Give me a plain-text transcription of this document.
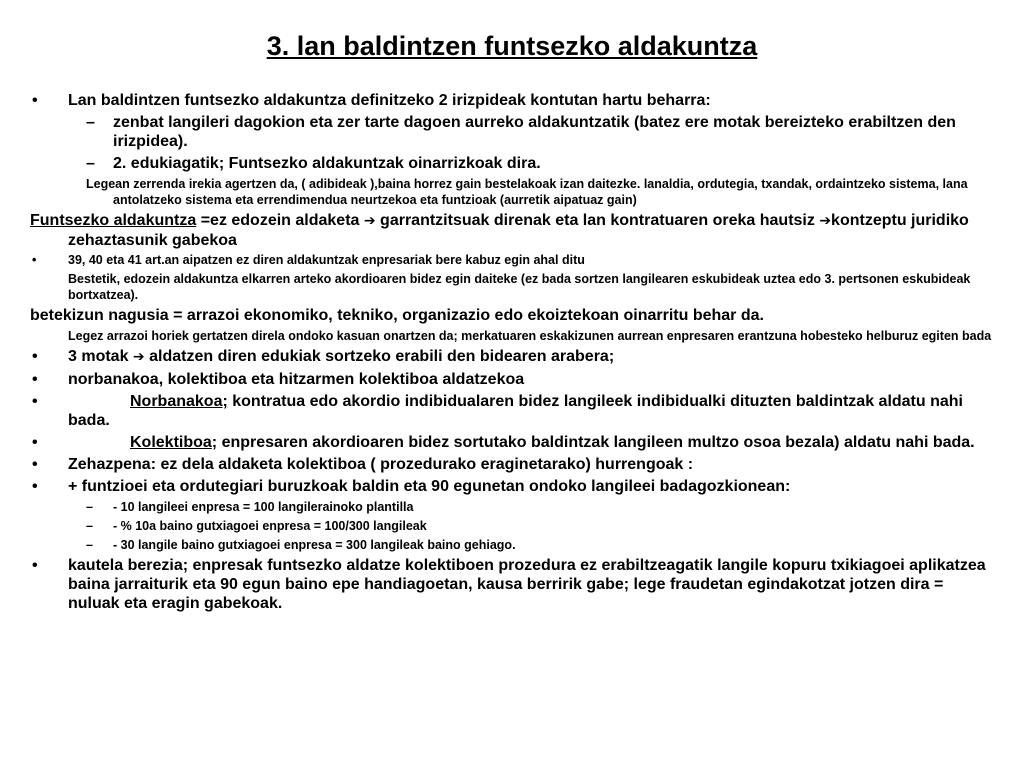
3. lan baldintzen funtsezko aldakuntza
• Lan baldintzen funtsezko aldakuntza definitzeko 2 irizpideak kontutan hartu beharra:
– zenbat langileri dagokion eta zer tarte dagoen aurreko aldakuntzatik (batez ere motak bereizteko erabiltzen den irizpidea).
– 2. edukiagatik; Funtsezko aldakuntzak oinarrizkoak dira.
Legean zerrenda irekia agertzen da, ( adibideak ),baina horrez gain bestelakoak izan daitezke. lanaldia, ordutegia, txandak, ordaintzeko sistema, lana antolatzeko sistema eta errendimendua neurtzekoa eta funtzioak (aurretik aipatuaz gain)
Funtsezko aldakuntza =ez edozein aldaketa ➔ garrantzitsuak direnak eta lan kontratuaren oreka hautsiz ➔kontzeptu juridiko zehaztasunik gabekoa
•	39, 40 eta 41 art.an aipatzen ez diren aldakuntzak enpresariak bere kabuz egin ahal ditu
Bestetik, edozein aldakuntza elkarren arteko akordioaren bidez egin daiteke (ez bada sortzen langilearen eskubideak uztea edo 3. pertsonen eskubideak bortxatzea).
betekizun nagusia = arrazoi ekonomiko, tekniko, organizazio edo ekoiztekoan oinarritu behar da.
Legez arrazoi horiek gertatzen direla ondoko kasuan onartzen da; merkatuaren eskakizunen aurrean enpresaren erantzuna hobesteko helburuz egiten bada
• 3 motak ➔ aldatzen diren edukiak sortzeko erabili den bidearen arabera;
• norbanakoa, kolektiboa eta hitzarmen kolektiboa aldatzekoa
•	Norbanakoa; kontratua edo akordio indibidualaren bidez langileek indibidualki dituzten baldintzak aldatu nahi bada.
•	Kolektiboa; enpresaren akordioaren bidez sortutako baldintzak langileen multzo osoa bezala) aldatu nahi bada.
• Zehazpena: ez dela aldaketa kolektiboa ( prozedurako eraginetarako) hurrengoak :
• + funtzioei eta ordutegiari buruzkoak baldin eta 90 egunetan ondoko langileei badagozkionean:
– - 10 langileei enpresa = 100 langilerainoko plantilla
– - % 10a baino gutxiagoei enpresa = 100/300 langileak
– - 30 langile baino gutxiagoei enpresa = 300 langileak baino gehiago.
• kautela berezia; enpresak funtsezko aldatze kolektiboen prozedura ez erabiltzeagatik langile kopuru txikiagoei aplikatzea baina jarraiturik eta 90 egun baino epe handiagoetan, kausa berririk gabe; lege fraudetan egindakotzat jotzen dira = nuluak eta eragin gabekoak.
